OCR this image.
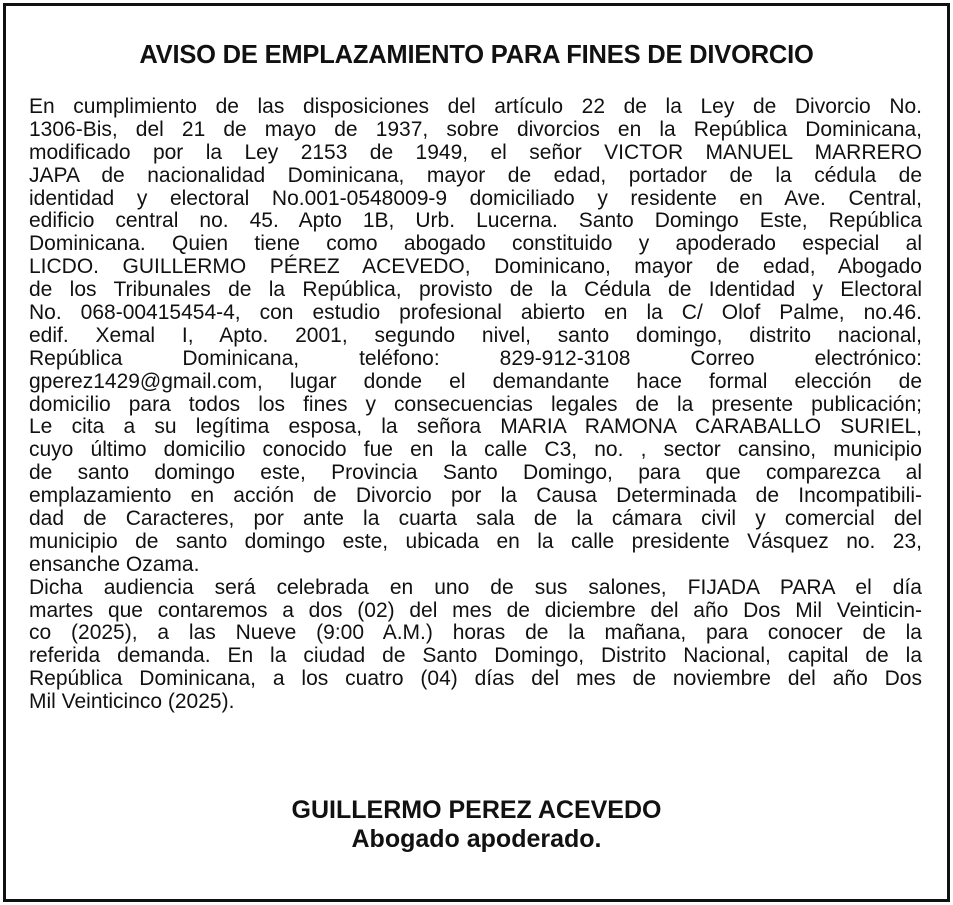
AVISO DE EMPLAZAMIENTO PARA FINES DE DIVORCIO
En cumplimiento de las disposiciones del artículo 22 de la Ley de Divorcio No.
1306-Bis, del 21 de mayo de 1937, sobre divorcios en la República Dominicana,
modificado por la Ley 2153 de 1949, el señor VICTOR MANUEL MARRERO
JAPA de nacionalidad Dominicana, mayor de edad, portador de la cédula de
identidad y electoral No.001-0548009-9 domiciliado y residente en Ave. Central,
edificio central no. 45. Apto 1B, Urb. Lucerna. Santo Domingo Este, República
Dominicana. Quien tiene como abogado constituido y apoderado especial al
LICDO. GUILLERMO PÉREZ ACEVEDO, Dominicano, mayor de edad, Abogado
de los Tribunales de la República, provisto de la Cédula de Identidad y Electoral
No. 068-00415454-4, con estudio profesional abierto en la C/ Olof Palme, no.46.
edif. Xemal I, Apto. 2001, segundo nivel, santo domingo, distrito nacional,
República Dominicana, teléfono: 829-912-3108 Correo electrónico:
gperez1429@gmail.com, lugar donde el demandante hace formal elección de
domicilio para todos los fines y consecuencias legales de la presente publicación;
Le cita a su legítima esposa, la señora MARIA RAMONA CARABALLO SURIEL,
cuyo último domicilio conocido fue en la calle C3, no. , sector cansino, municipio
de santo domingo este, Provincia Santo Domingo, para que comparezca al
emplazamiento en acción de Divorcio por la Causa Determinada de Incompatibili-
dad de Caracteres, por ante la cuarta sala de la cámara civil y comercial del
municipio de santo domingo este, ubicada en la calle presidente Vásquez no. 23,
ensanche Ozama.
Dicha audiencia será celebrada en uno de sus salones, FIJADA PARA el día
martes que contaremos a dos (02) del mes de diciembre del año Dos Mil Veinticin-
co (2025), a las Nueve (9:00 A.M.) horas de la mañana, para conocer de la
referida demanda. En la ciudad de Santo Domingo, Distrito Nacional, capital de la
República Dominicana, a los cuatro (04) días del mes de noviembre del año Dos
Mil Veinticinco (2025).
GUILLERMO PEREZ ACEVEDO
Abogado apoderado.
